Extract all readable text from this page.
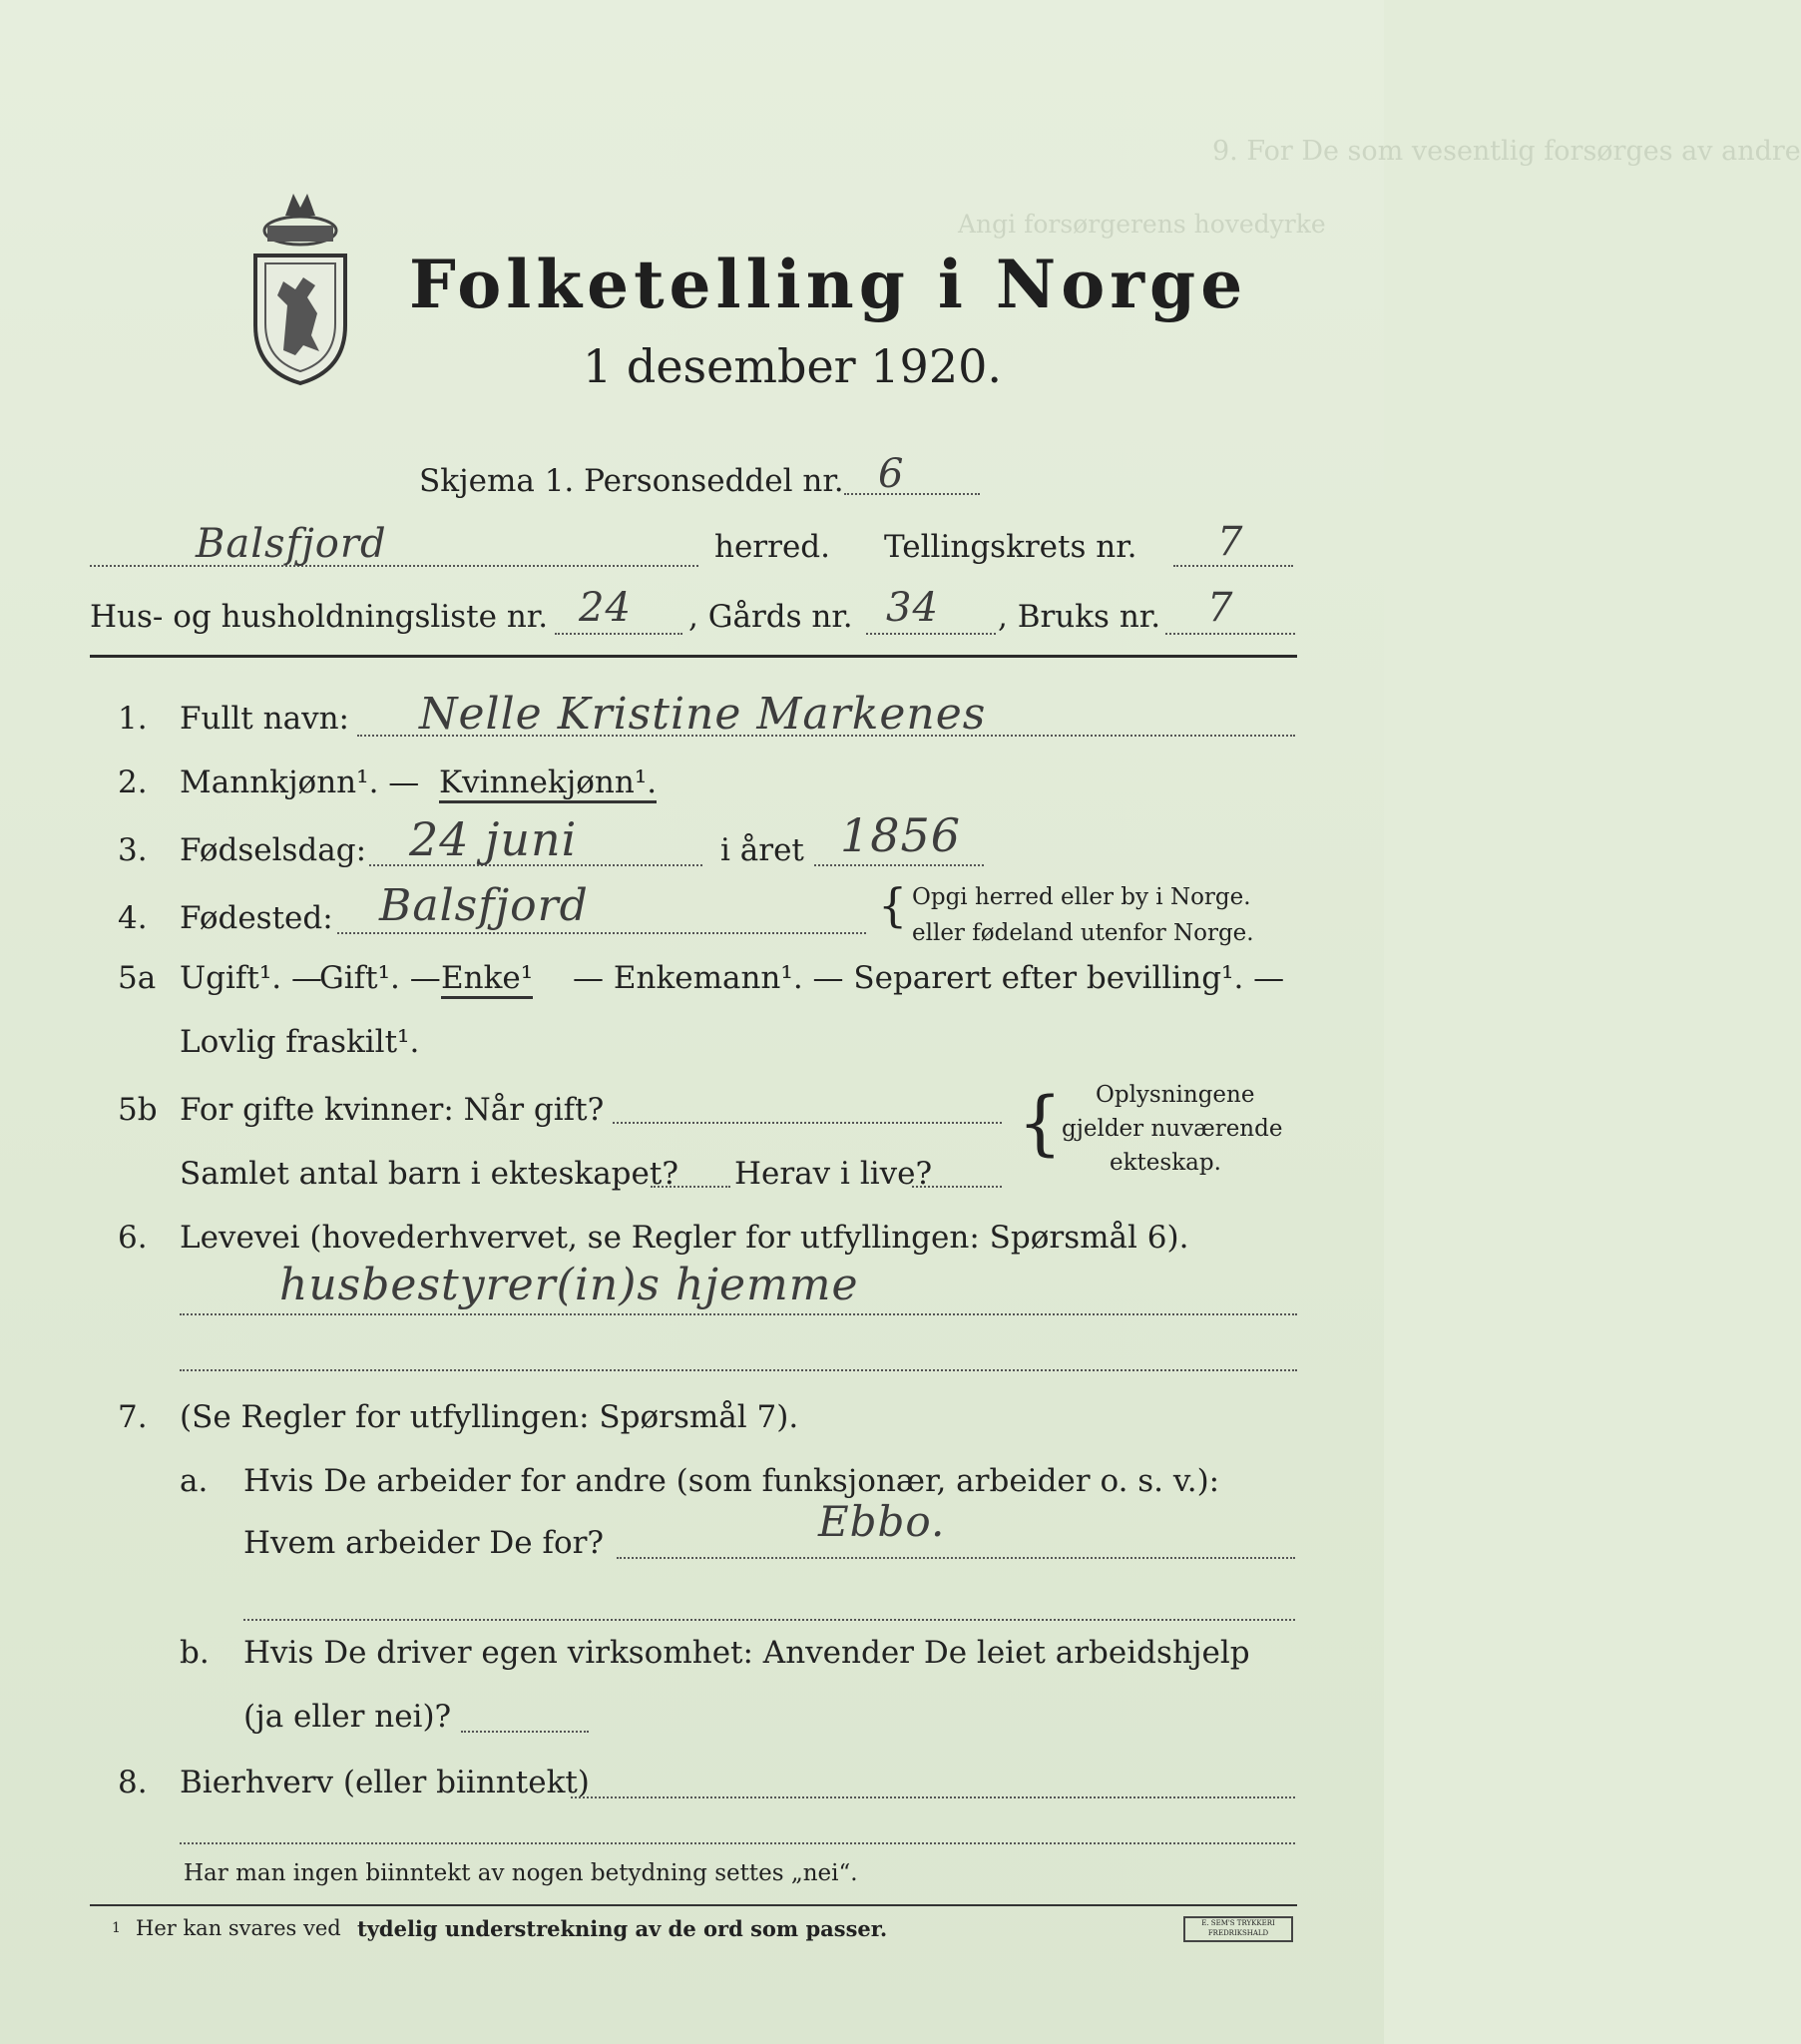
9. For De som vesentlig forsørges av andre
Angi forsørgerens hovedyrke
Folketelling i Norge
1 desember 1920.
Skjema 1. Personseddel nr. 6
Balsfjord	herred. Tellingskrets nr. 7
Hus- og husholdningsliste nr. 24 , Gårds nr. 34 , Bruks nr. 7
1. Fullt navn: Nelle Kristine Markenes
2. Mannkjønn¹. — Kvinnekjønn¹.
3. Fødselsdag: 24 juni	i året 1856
4. Fødested: Balsfjord	{ Opgi herred eller by i Norge.
eller fødeland utenfor Norge.
5a Ugift¹. —
Gift¹. — Enke¹ — Enkemann¹. — Separert efter bevilling¹. —
Lovlig fraskilt¹.
5b For gifte kvinner: Når gift?
Samlet antal barn i ekteskapet? Herav i live?
{ Oplysningene
gjelder nuværende
ekteskap.
6. Levevei (hovederhvervet, se Regler for utfyllingen: Spørsmål 6).
husbestyrer(in)s hjemme
7. (Se Regler for utfyllingen: Spørsmål 7).
a. Hvis De arbeider for andre (som funksjonær, arbeider o. s. v.):
Hvem arbeider De for?	Ebbo.
b. Hvis De driver egen virksomhet: Anvender De leiet arbeidshjelp
(ja eller nei)?
8. Bierhverv (eller biinntekt)
Har man ingen biinntekt av nogen betydning settes „nei“.
1 Her kan svares ved tydelig understrekning av de ord som passer.	E. SEM'S TRYKKERI FREDRIKSHALD
